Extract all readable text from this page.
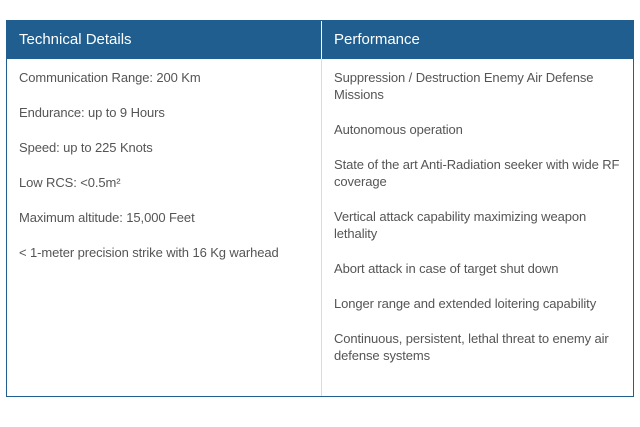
Technical Details	Performance
Communication Range: 200 Km
Endurance: up to 9 Hours
Speed: up to 225 Knots
Low RCS: <0.5m²
Maximum altitude: 15,000 Feet
< 1-meter precision strike with 16 Kg warhead
Suppression / Destruction Enemy Air Defense Missions
Autonomous operation
State of the art Anti-Radiation seeker with wide RF coverage
Vertical attack capability maximizing weapon lethality
Abort attack in case of target shut down
Longer range and extended loitering capability
Continuous, persistent, lethal threat to enemy air defense systems
